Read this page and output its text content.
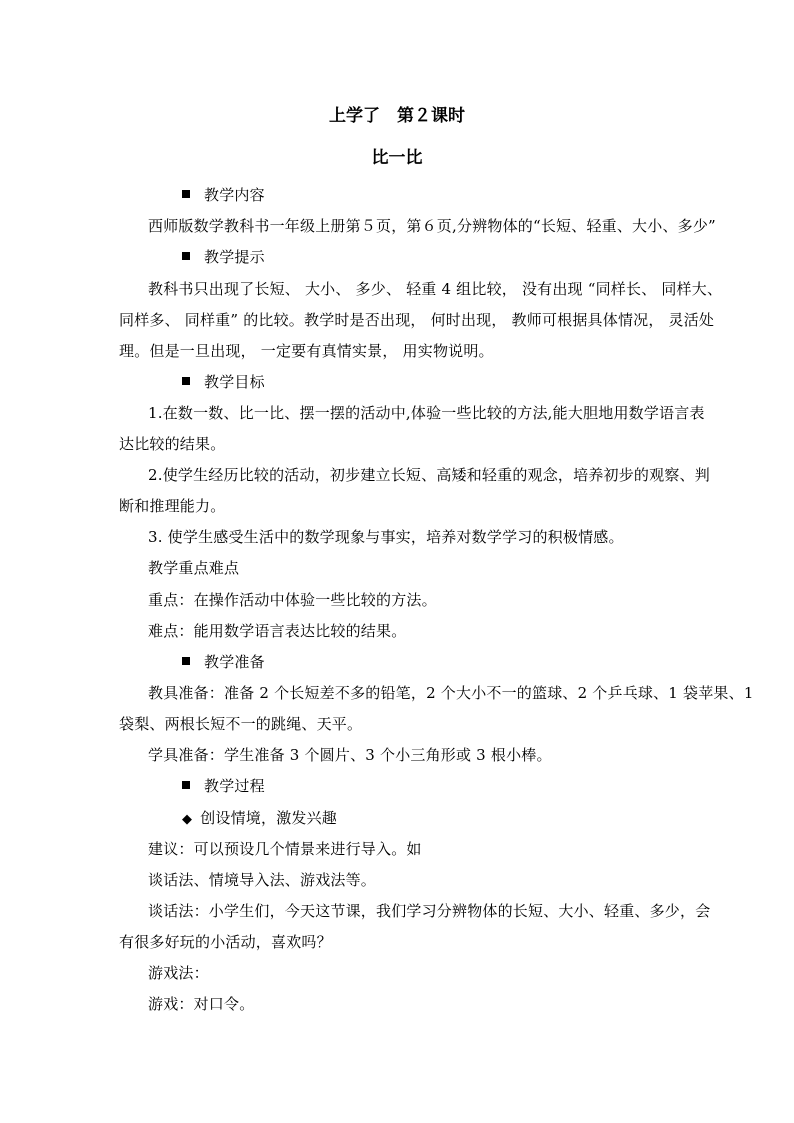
上学了　第２课时
比一比
教学内容
西师版数学教科书一年级上册第５页，第６页,分辨物体的“长短、轻重、大小、多少”
教学提示
教科书只出现了长短、 大小、 多少、 轻重 4 组比较， 没有出现 “同样长、 同样大、
同样多、 同样重” 的比较。教学时是否出现， 何时出现， 教师可根据具体情况， 灵活处
理。但是一旦出现， 一定要有真情实景， 用实物说明。
教学目标
1.在数一数、比一比、摆一摆的活动中,体验一些比较的方法,能大胆地用数学语言表
达比较的结果。
2.使学生经历比较的活动，初步建立长短、高矮和轻重的观念，培养初步的观察、判
断和推理能力。
3. 使学生感受生活中的数学现象与事实，培养对数学学习的积极情感。
教学重点难点
重点：在操作活动中体验一些比较的方法。
难点：能用数学语言表达比较的结果。
教学准备
教具准备：准备 2 个长短差不多的铅笔，2 个大小不一的篮球、2 个乒乓球、1 袋苹果、1
袋梨、两根长短不一的跳绳、天平。
学具准备：学生准备 3 个圆片、3 个小三角形或 3 根小棒。
教学过程
◆ 创设情境，激发兴趣
建议：可以预设几个情景来进行导入。如
谈话法、情境导入法、游戏法等。
谈话法：小学生们，今天这节课，我们学习分辨物体的长短、大小、轻重、多少，会
有很多好玩的小活动，喜欢吗？
游戏法：
游戏：对口令。
